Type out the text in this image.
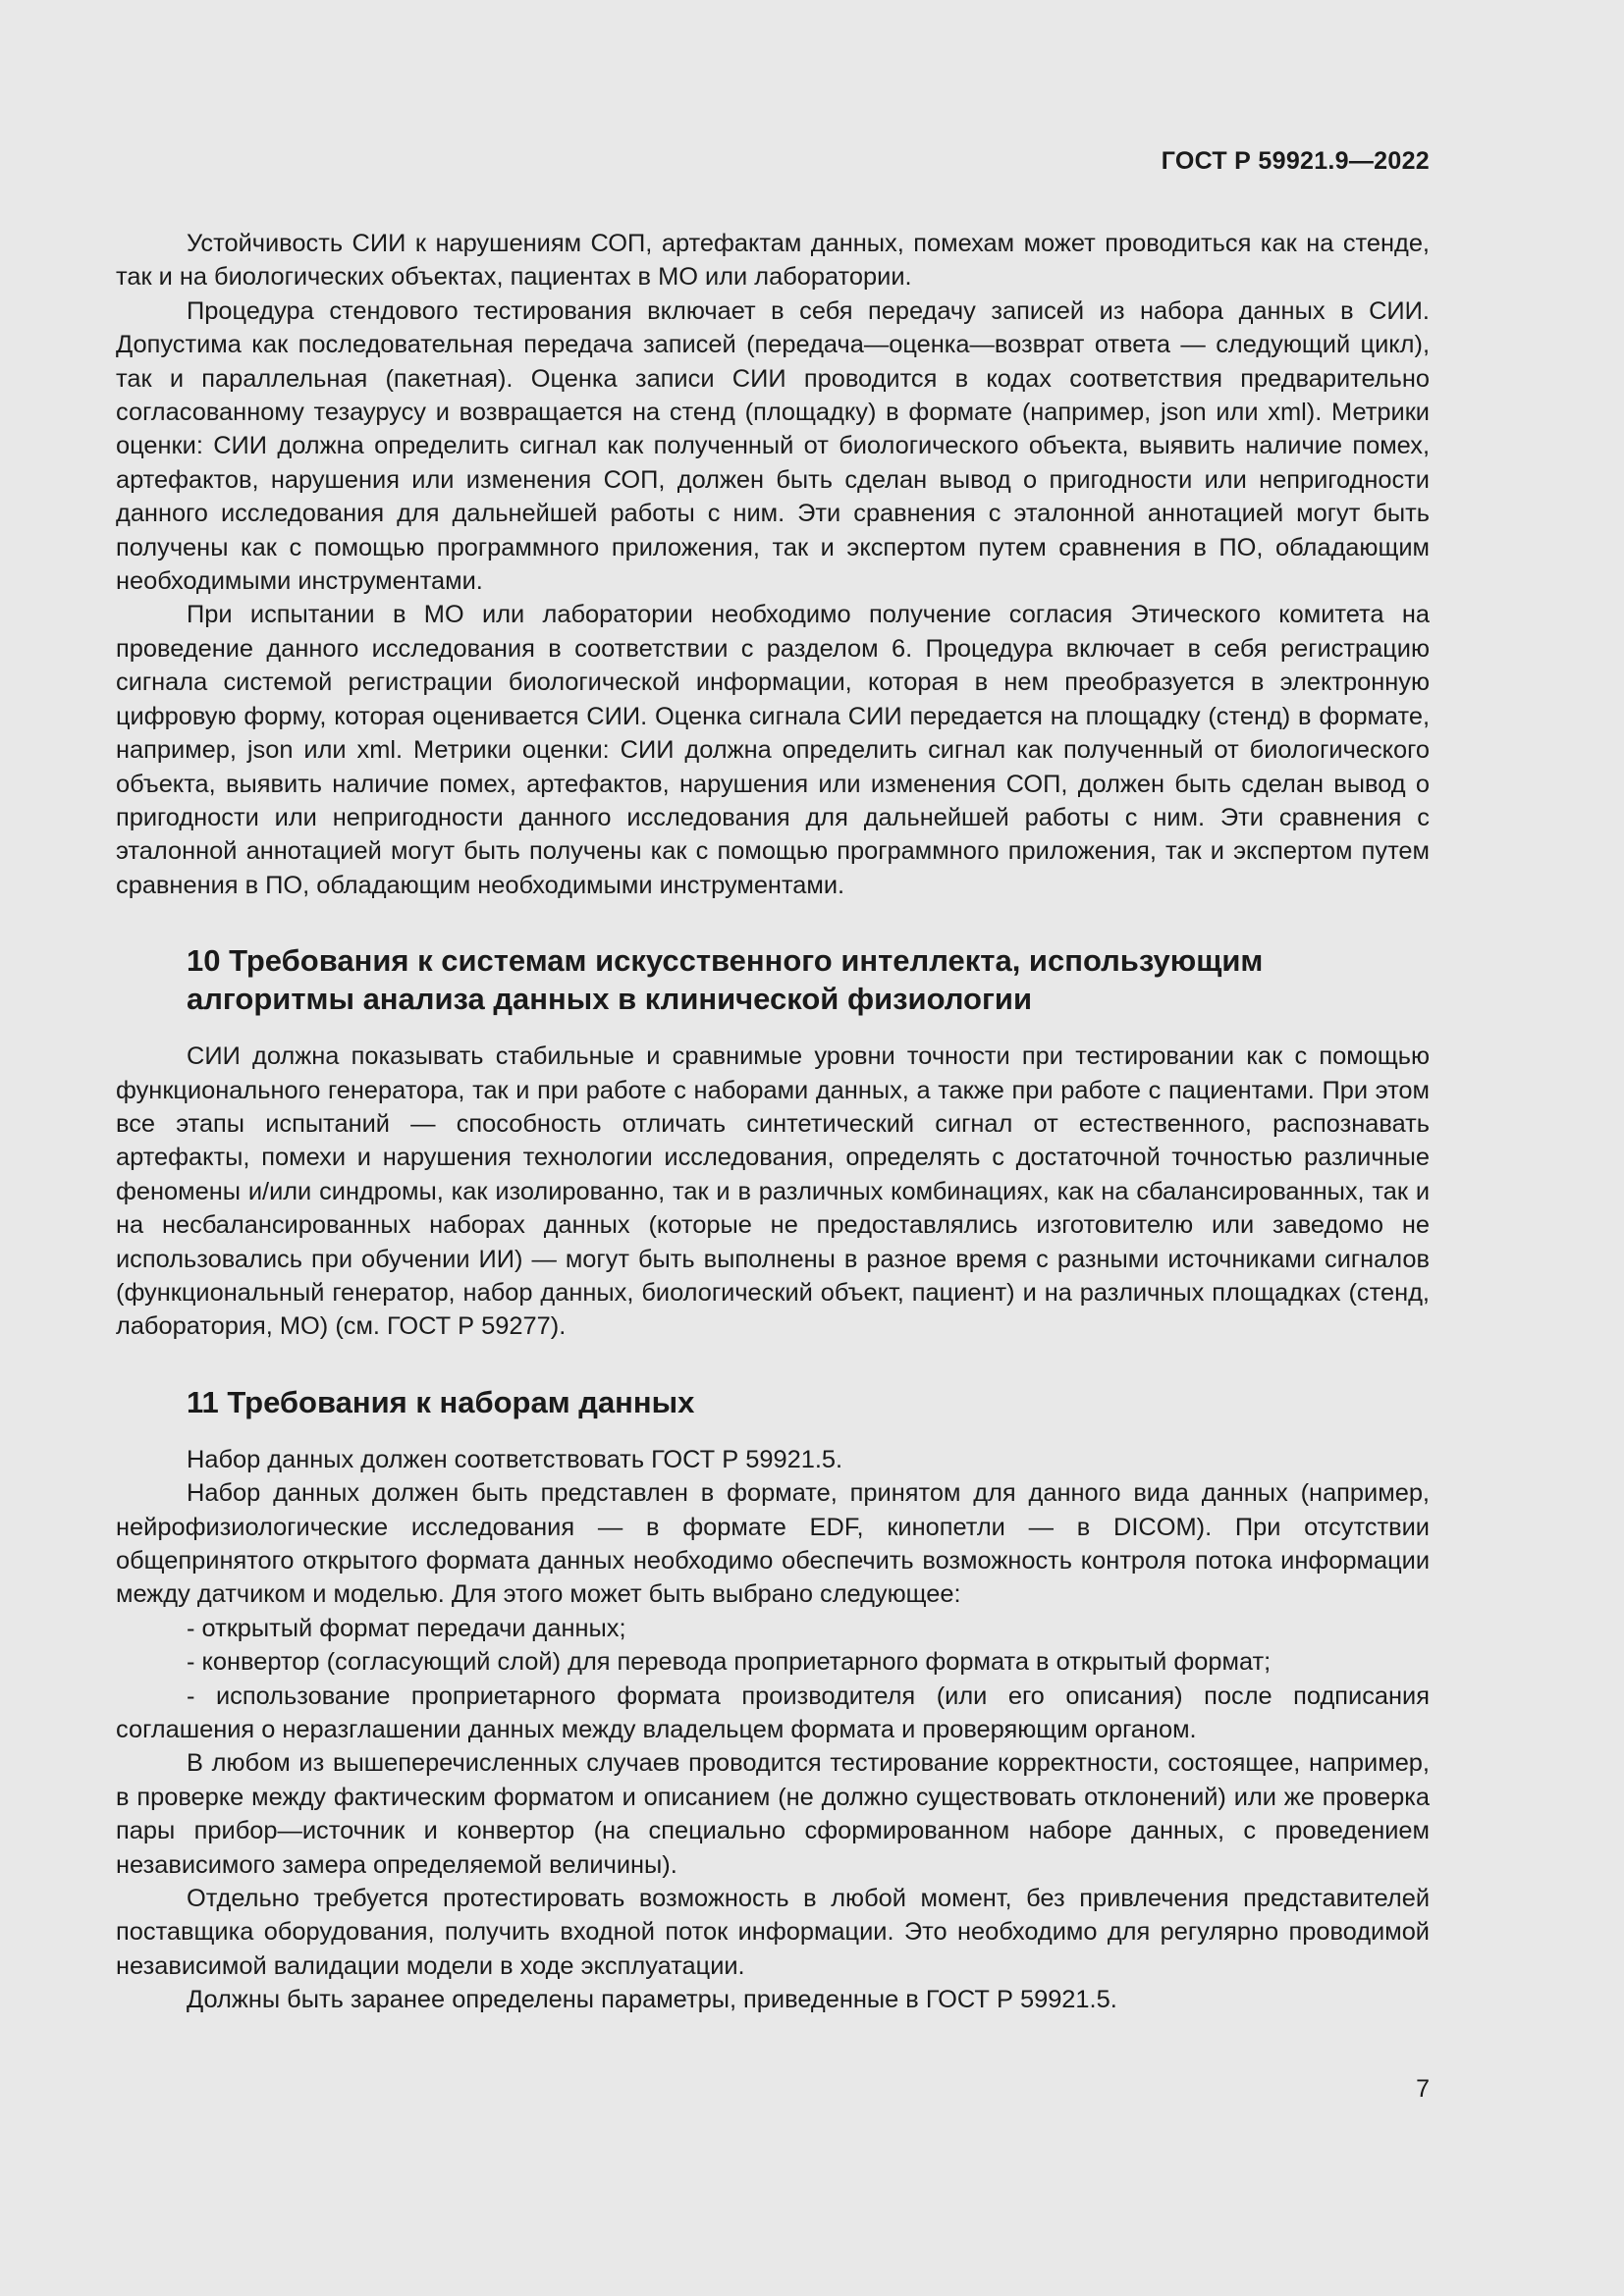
ГОСТ Р 59921.9—2022

Устойчивость СИИ к нарушениям СОП, артефактам данных, помехам может проводиться как на стенде, так и на биологических объектах, пациентах в МО или лаборатории.

Процедура стендового тестирования включает в себя передачу записей из набора данных в СИИ. Допустима как последовательная передача записей (передача—оценка—возврат ответа — следующий цикл), так и параллельная (пакетная). Оценка записи СИИ проводится в кодах соответствия предварительно согласованному тезаурусу и возвращается на стенд (площадку) в формате (например, json или xml). Метрики оценки: СИИ должна определить сигнал как полученный от биологического объекта, выявить наличие помех, артефактов, нарушения или изменения СОП, должен быть сделан вывод о пригодности или непригодности данного исследования для дальнейшей работы с ним. Эти сравнения с эталонной аннотацией могут быть получены как с помощью программного приложения, так и экспертом путем сравнения в ПО, обладающим необходимыми инструментами.

При испытании в МО или лаборатории необходимо получение согласия Этического комитета на проведение данного исследования в соответствии с разделом 6. Процедура включает в себя регистрацию сигнала системой регистрации биологической информации, которая в нем преобразуется в электронную цифровую форму, которая оценивается СИИ. Оценка сигнала СИИ передается на площадку (стенд) в формате, например, json или xml. Метрики оценки: СИИ должна определить сигнал как полученный от биологического объекта, выявить наличие помех, артефактов, нарушения или изменения СОП, должен быть сделан вывод о пригодности или непригодности данного исследования для дальнейшей работы с ним. Эти сравнения с эталонной аннотацией могут быть получены как с помощью программного приложения, так и экспертом путем сравнения в ПО, обладающим необходимыми инструментами.

10 Требования к системам искусственного интеллекта, использующим
алгоритмы анализа данных в клинической физиологии

СИИ должна показывать стабильные и сравнимые уровни точности при тестировании как с помощью функционального генератора, так и при работе с наборами данных, а также при работе с пациентами. При этом все этапы испытаний — способность отличать синтетический сигнал от естественного, распознавать артефакты, помехи и нарушения технологии исследования, определять с достаточной точностью различные феномены и/или синдромы, как изолированно, так и в различных комбинациях, как на сбалансированных, так и на несбалансированных наборах данных (которые не предоставлялись изготовителю или заведомо не использовались при обучении ИИ) — могут быть выполнены в разное время с разными источниками сигналов (функциональный генератор, набор данных, биологический объект, пациент) и на различных площадках (стенд, лаборатория, МО) (см. ГОСТ Р 59277).

11 Требования к наборам данных

Набор данных должен соответствовать ГОСТ Р 59921.5.

Набор данных должен быть представлен в формате, принятом для данного вида данных (например, нейрофизиологические исследования — в формате EDF, кинопетли — в DICOM). При отсутствии общепринятого открытого формата данных необходимо обеспечить возможность контроля потока информации между датчиком и моделью. Для этого может быть выбрано следующее:

- открытый формат передачи данных;

- конвертор (согласующий слой) для перевода проприетарного формата в открытый формат;

- использование проприетарного формата производителя (или его описания) после подписания соглашения о неразглашении данных между владельцем формата и проверяющим органом.

В любом из вышеперечисленных случаев проводится тестирование корректности, состоящее, например, в проверке между фактическим форматом и описанием (не должно существовать отклонений) или же проверка пары прибор—источник и конвертор (на специально сформированном наборе данных, с проведением независимого замера определяемой величины).

Отдельно требуется протестировать возможность в любой момент, без привлечения представителей поставщика оборудования, получить входной поток информации. Это необходимо для регулярно проводимой независимой валидации модели в ходе эксплуатации.

Должны быть заранее определены параметры, приведенные в ГОСТ Р 59921.5.

7
